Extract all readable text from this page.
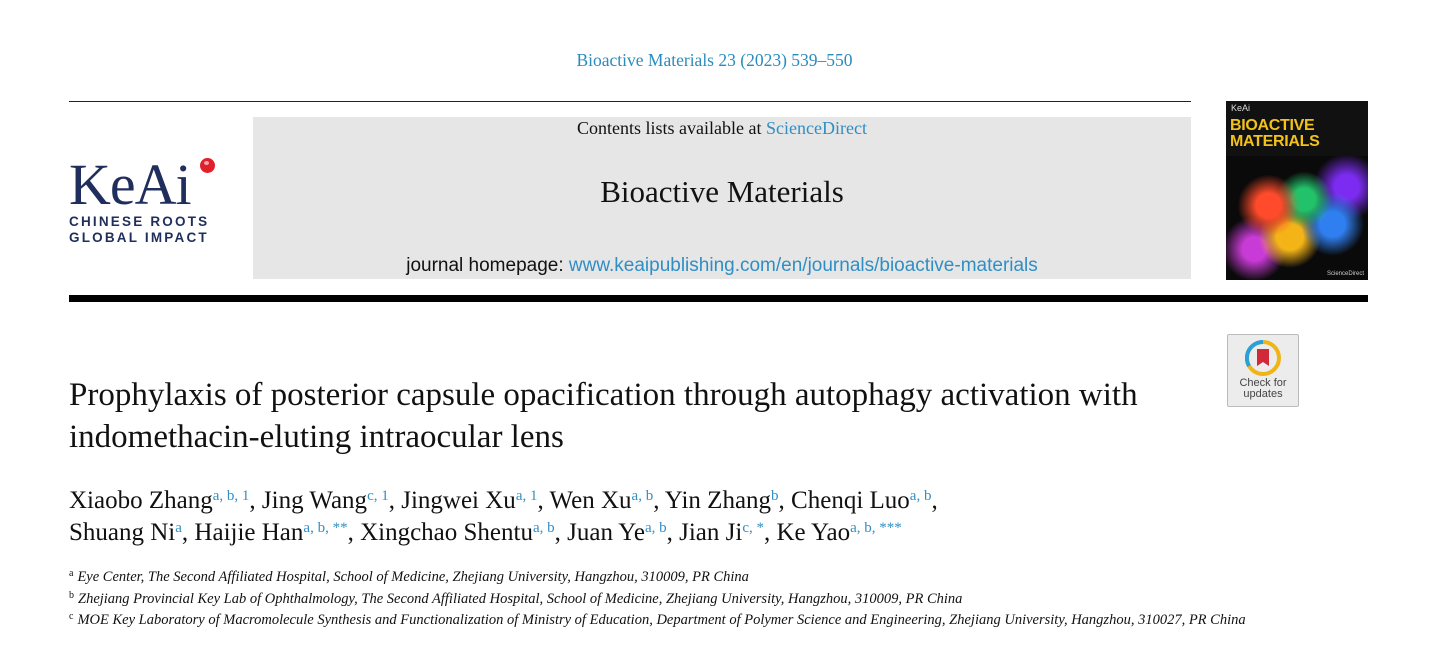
Bioactive Materials 23 (2023) 539–550
KeAi
CHINESE ROOTS
GLOBAL IMPACT
Contents lists available at ScienceDirect
Bioactive Materials
journal homepage: www.keaipublishing.com/en/journals/bioactive-materials
KeAi
BIOACTIVE
MATERIALS
ScienceDirect
Check for
updates
Prophylaxis of posterior capsule opacification through autophagy activation with indomethacin-eluting intraocular lens
Xiaobo Zhang$^{a, b, 1}$, Jing Wang$^{c, 1}$, Jingwei Xu$^{a, 1}$, Wen Xu$^{a, b}$, Yin Zhang$^b$, Chenqi Luo$^{a, b}$,
Shuang Ni$^a$, Haijie Han$^{a, b, **}$, Xingchao Shentu$^{a, b}$, Juan Ye$^{a, b}$, Jian $Ji^{c, *}$, Ke Yao$^{a, b, ***}$
$^a$ Eye Center, The Second Affiliated Hospital, School of Medicine, Zhejiang University, Hangzhou, 310009, PR China
$^b$ Zhejiang Provincial Key Lab of Ophthalmology, The Second Affiliated Hospital, School of Medicine, Zhejiang University, Hangzhou, 310009, PR China
$^c$ MOE Key Laboratory of Macromolecule Synthesis and Functionalization of Ministry of Education, Department of Polymer Science and Engineering, Zhejiang University, Hangzhou, 310027, PR China
